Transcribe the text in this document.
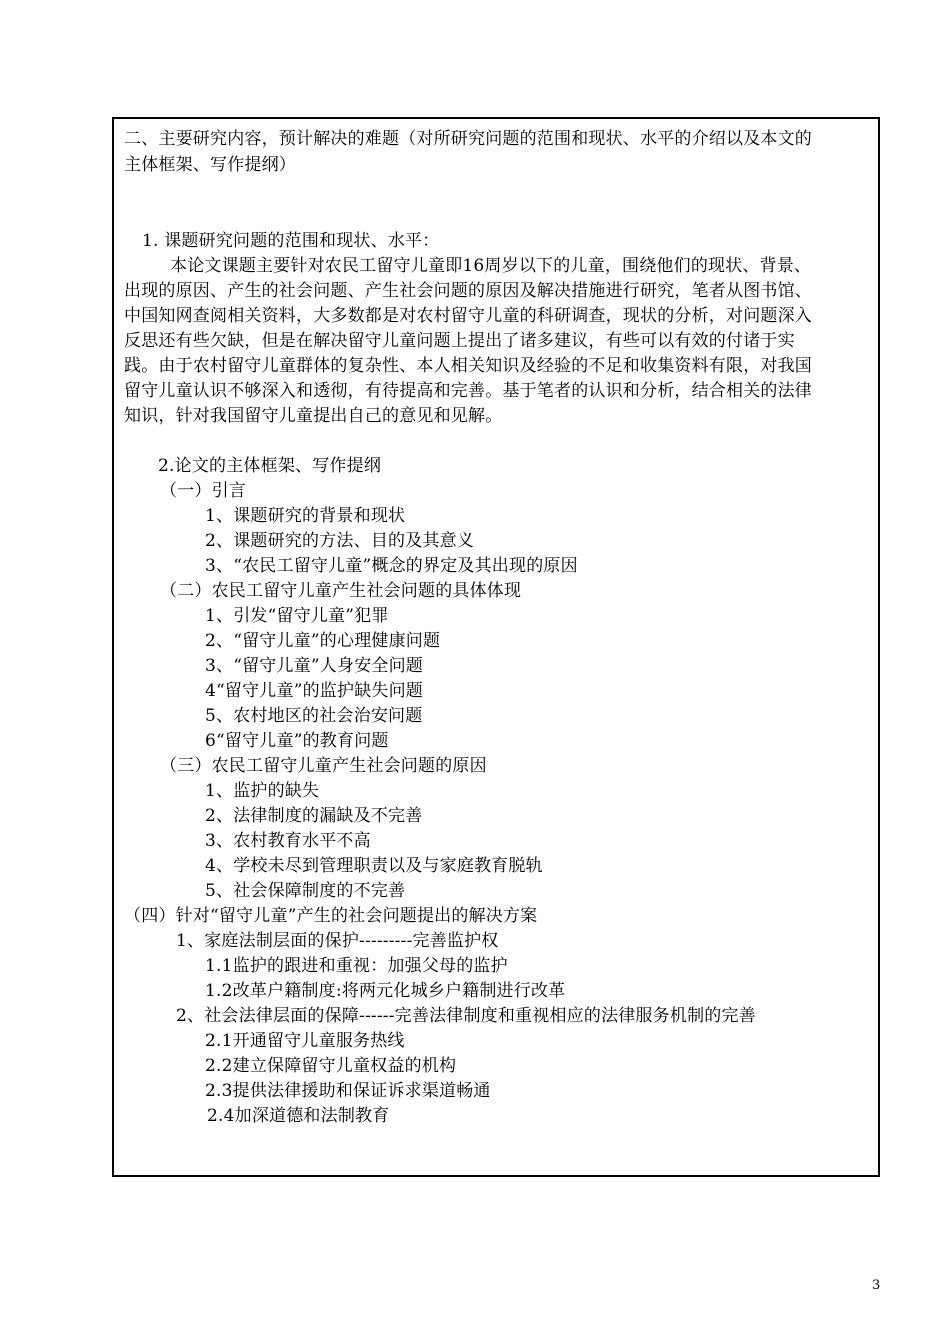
二、主要研究内容，预计解决的难题（对所研究问题的范围和现状、水平的介绍以及本文的
主体框架、写作提纲）
1. 课题研究问题的范围和现状、水平：
本论文课题主要针对农民工留守儿童即16周岁以下的儿童，围绕他们的现状、背景、
出现的原因、产生的社会问题、产生社会问题的原因及解决措施进行研究，笔者从图书馆、
中国知网查阅相关资料，大多数都是对农村留守儿童的科研调查，现状的分析，对问题深入
反思还有些欠缺，但是在解决留守儿童问题上提出了诸多建议，有些可以有效的付诸于实
践。由于农村留守儿童群体的复杂性、本人相关知识及经验的不足和收集资料有限，对我国
留守儿童认识不够深入和透彻，有待提高和完善。基于笔者的认识和分析，结合相关的法律
知识，针对我国留守儿童提出自己的意见和见解。
2.论文的主体框架、写作提纲
（一）引言
1、课题研究的背景和现状
2、课题研究的方法、目的及其意义
3、“农民工留守儿童”概念的界定及其出现的原因
（二）农民工留守儿童产生社会问题的具体体现
1、引发“留守儿童”犯罪
2、“留守儿童”的心理健康问题
3、“留守儿童”人身安全问题
4“留守儿童”的监护缺失问题
5、农村地区的社会治安问题
6“留守儿童”的教育问题
（三）农民工留守儿童产生社会问题的原因
1、监护的缺失
2、法律制度的漏缺及不完善
3、农村教育水平不高
4、学校未尽到管理职责以及与家庭教育脱轨
5、社会保障制度的不完善
（四）针对“留守儿童”产生的社会问题提出的解决方案
1、家庭法制层面的保护---------完善监护权
1.1监护的跟进和重视：加强父母的监护
1.2改革户籍制度:将两元化城乡户籍制进行改革
2、社会法律层面的保障------完善法律制度和重视相应的法律服务机制的完善
2.1开通留守儿童服务热线
2.2建立保障留守儿童权益的机构
2.3提供法律援助和保证诉求渠道畅通
2.4加深道德和法制教育
3
